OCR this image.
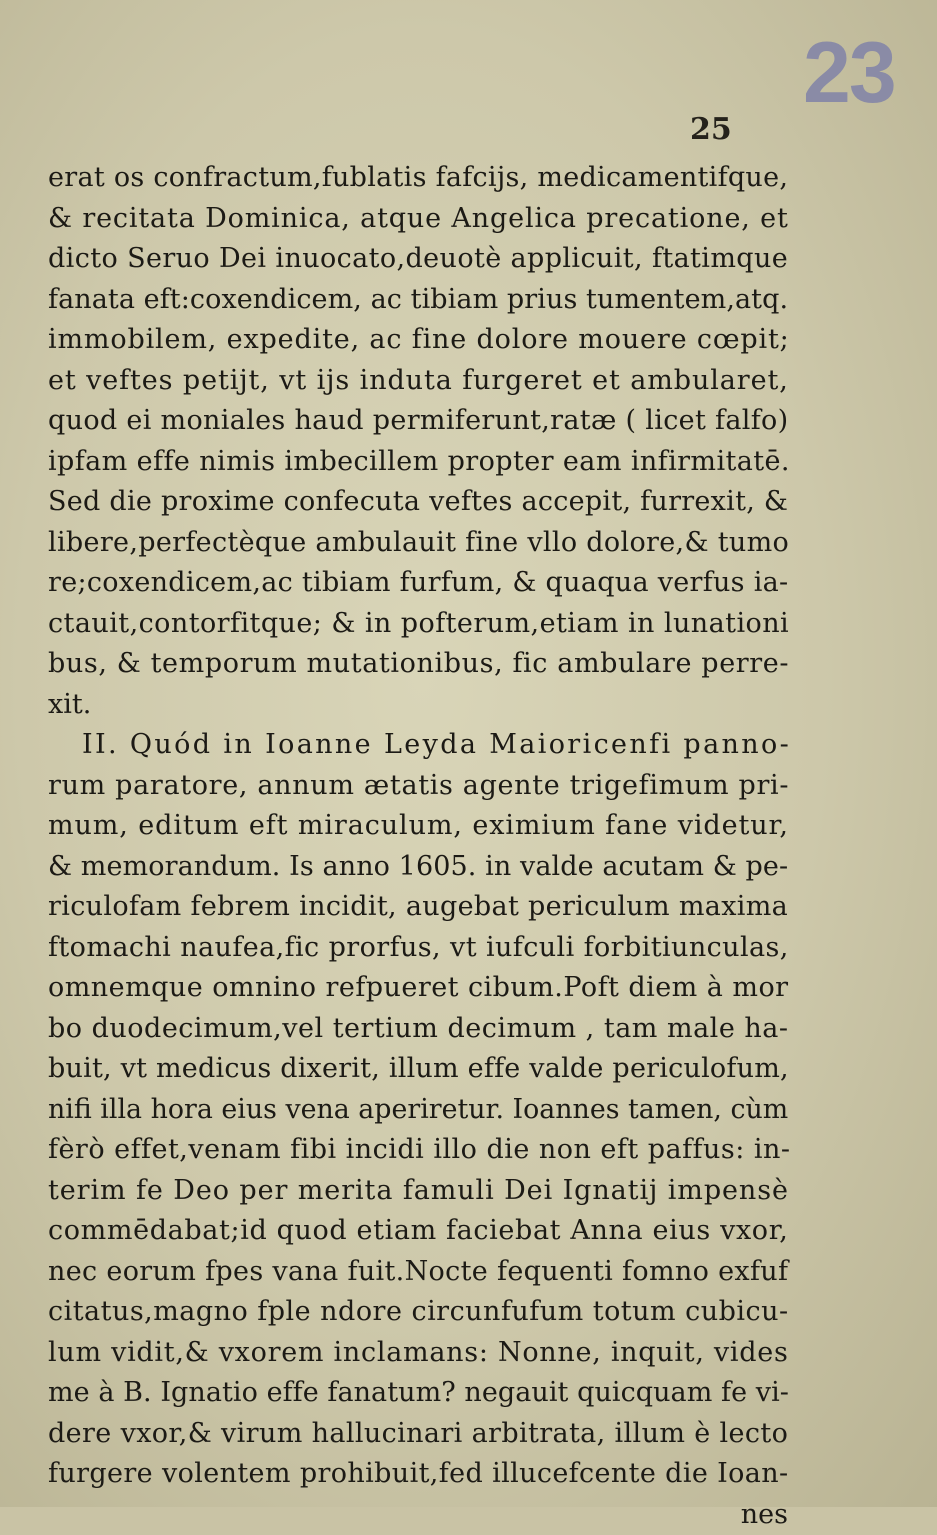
23
25
erat os confractum,fublatis fafcijs, medicamentifque,
& recitata Dominica, atque Angelica precatione, et
dicto Seruo Dei inuocato,deuotè applicuit, ftatimque
fanata eft:coxendicem, ac tibiam prius tumentem,atq.
immobilem, expedite, ac fine dolore mouere cœpit;
et veftes petijt, vt ijs induta furgeret et ambularet,
quod ei moniales haud permiferunt,ratæ ( licet falfo)
ipfam effe nimis imbecillem propter eam infirmitatē.
Sed die proxime confecuta veftes accepit, furrexit, &
libere,perfectèque ambulauit fine vllo dolore,& tumo
re;coxendicem,ac tibiam furfum, & quaqua verfus ia-
ctauit,contorfitque; & in pofterum,etiam in lunationi
bus, & temporum mutationibus, fic ambulare perre-
xit.
II. Quód in Ioanne Leyda Maioricenfi panno-
rum paratore, annum ætatis agente trigefimum pri-
mum, editum eft miraculum, eximium fane videtur,
& memorandum. Is anno 1605. in valde acutam & pe-
riculofam febrem incidit, augebat periculum maxima
ftomachi naufea,fic prorfus, vt iufculi forbitiunculas,
omnemque omnino refpueret cibum.Poft diem à mor
bo duodecimum,vel tertium decimum , tam male ha-
buit, vt medicus dixerit, illum effe valde periculofum,
nifi illa hora eius vena aperiretur. Ioannes tamen, cùm
fèrò effet,venam fibi incidi illo die non eft paffus: in-
terim fe Deo per merita famuli Dei Ignatij impensè
commēdabat;id quod etiam faciebat Anna eius vxor,
nec eorum fpes vana fuit.Nocte fequenti fomno exfuf
citatus,magno fple ndore circunfufum totum cubicu-
lum vidit,& vxorem inclamans: Nonne, inquit, vides
me à B. Ignatio effe fanatum? negauit quicquam fe vi-
dere vxor,& virum hallucinari arbitrata, illum è lecto
furgere volentem prohibuit,fed illucefcente die Ioan-
nes
